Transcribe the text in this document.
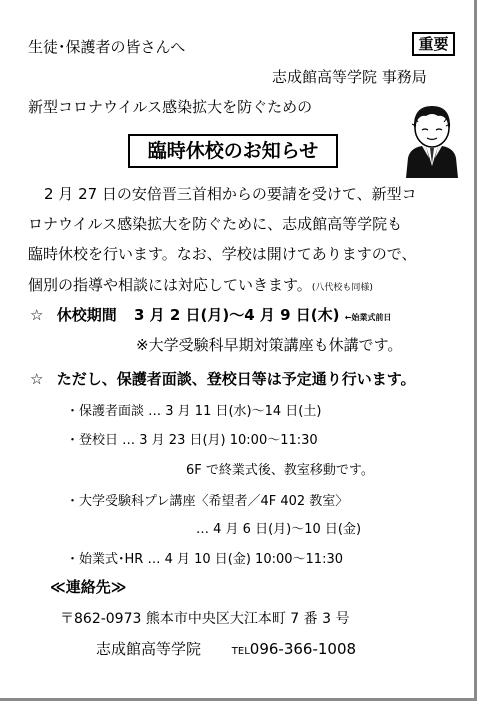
生徒･保護者の皆さんへ	重要
志成館高等学院 事務局
新型コロナウイルス感染拡大を防ぐための
臨時休校のお知らせ
2 月 27 日の安倍晋三首相からの要請を受けて、新型コ
ロナウイルス感染拡大を防ぐために、志成館高等学院も
臨時休校を行います。なお、学校は開けてありますので、
個別の指導や相談には対応していきます。(八代校も同様)
☆ 休校期間 3 月 2 日(月)～4 月 9 日(木) ←始業式前日
※大学受験科早期対策講座も休講です。
☆ ただし、保護者面談、登校日等は予定通り行います。
・保護者面談 … 3 月 11 日(水)～14 日(土)
・登校日 … 3 月 23 日(月) 10:00～11:30
6F で終業式後、教室移動です。
・大学受験科プレ講座〈希望者／4F 402 教室〉
… 4 月 6 日(月)～10 日(金)
・始業式･HR … 4 月 10 日(金) 10:00～11:30
≪連絡先≫
〒862-0973 熊本市中央区大江本町 7 番 3 号
志成館高等学院	TEL096-366-1008
